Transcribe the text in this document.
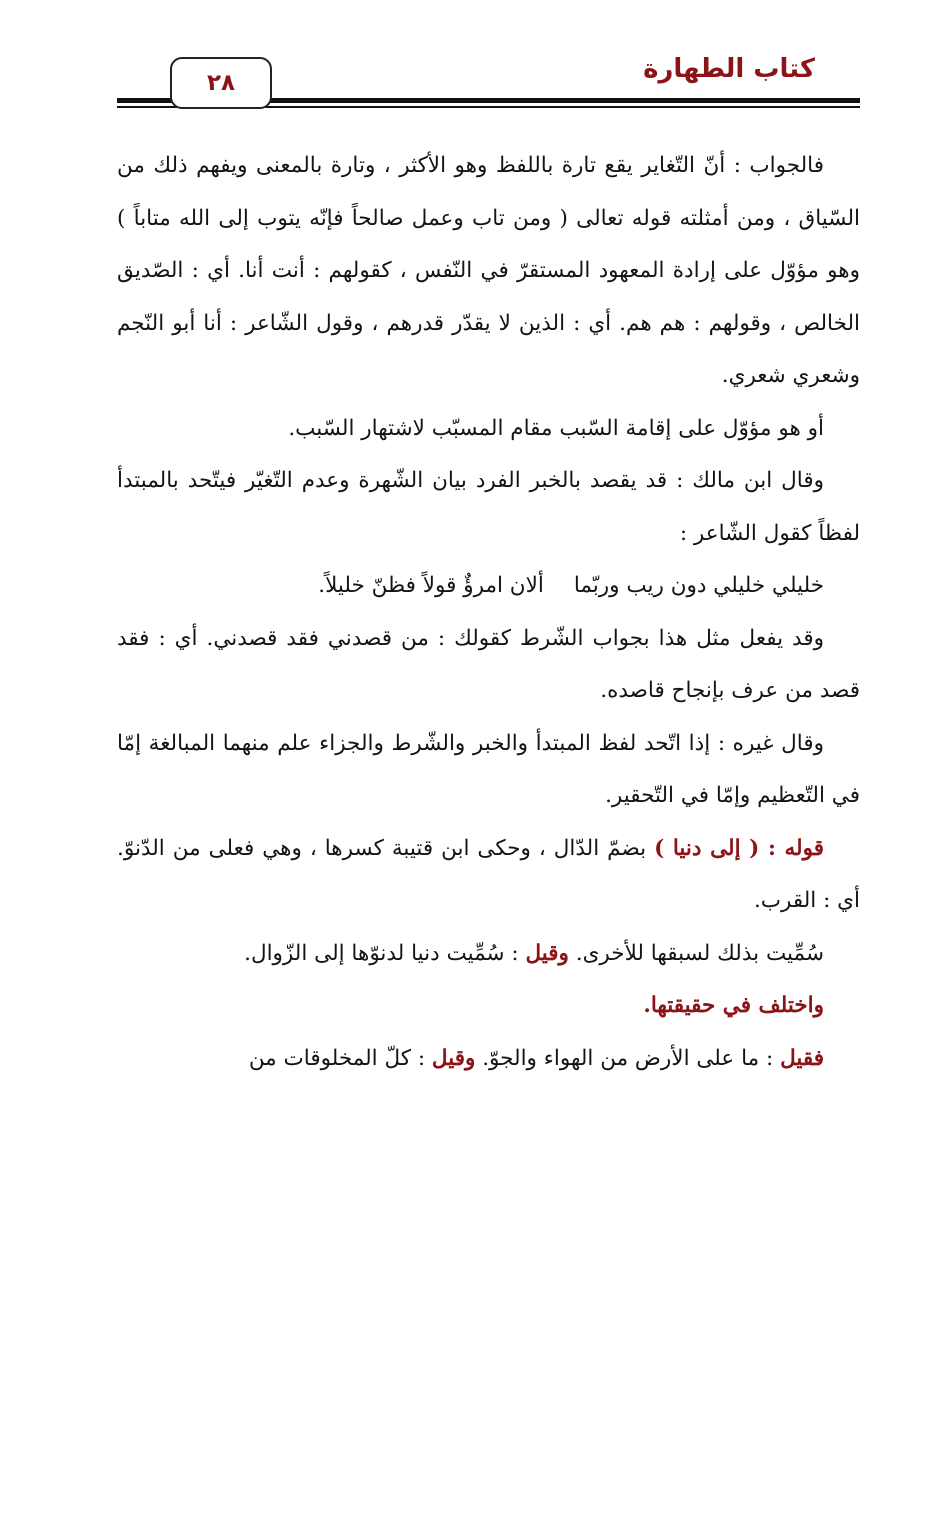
كتاب الطهارة
٢٨

فالجواب : أنّ التّغاير يقع تارة باللفظ وهو الأكثر ، وتارة بالمعنى ويفهم ذلك من السّياق ، ومن أمثلته قوله تعالى ( ومن تاب وعمل صالحاً فإنّه يتوب إلى الله متاباً ) وهو مؤوّل على إرادة المعهود المستقرّ في النّفس ، كقولهم : أنت أنا. أي : الصّديق الخالص ، وقولهم : هم هم. أي : الذين لا يقدّر قدرهم ، وقول الشّاعر : أنا أبو النّجم وشعري شعري.

أو هو مؤوّل على إقامة السّبب مقام المسبّب لاشتهار السّبب.

وقال ابن مالك : قد يقصد بالخبر الفرد بيان الشّهرة وعدم التّغيّر فيتّحد بالمبتدأ لفظاً كقول الشّاعر :

خليلي خليلي دون ريب وربّماألان امرؤٌ قولاً فظنّ خليلاً.

وقد يفعل مثل هذا بجواب الشّرط كقولك : من قصدني فقد قصدني. أي : فقد قصد من عرف بإنجاح قاصده.

وقال غيره : إذا اتّحد لفظ المبتدأ والخبر والشّرط والجزاء علم منهما المبالغة إمّا في التّعظيم وإمّا في التّحقير.

قوله : ( إلى دنيا ) بضمّ الدّال ، وحكى ابن قتيبة كسرها ، وهي فعلى من الدّنوّ. أي : القرب.

سُمِّيت بذلك لسبقها للأخرى. وقيل : سُمِّيت دنيا لدنوّها إلى الزّوال.

واختلف في حقيقتها.

فقيل : ما على الأرض من الهواء والجوّ. وقيل : كلّ المخلوقات من
